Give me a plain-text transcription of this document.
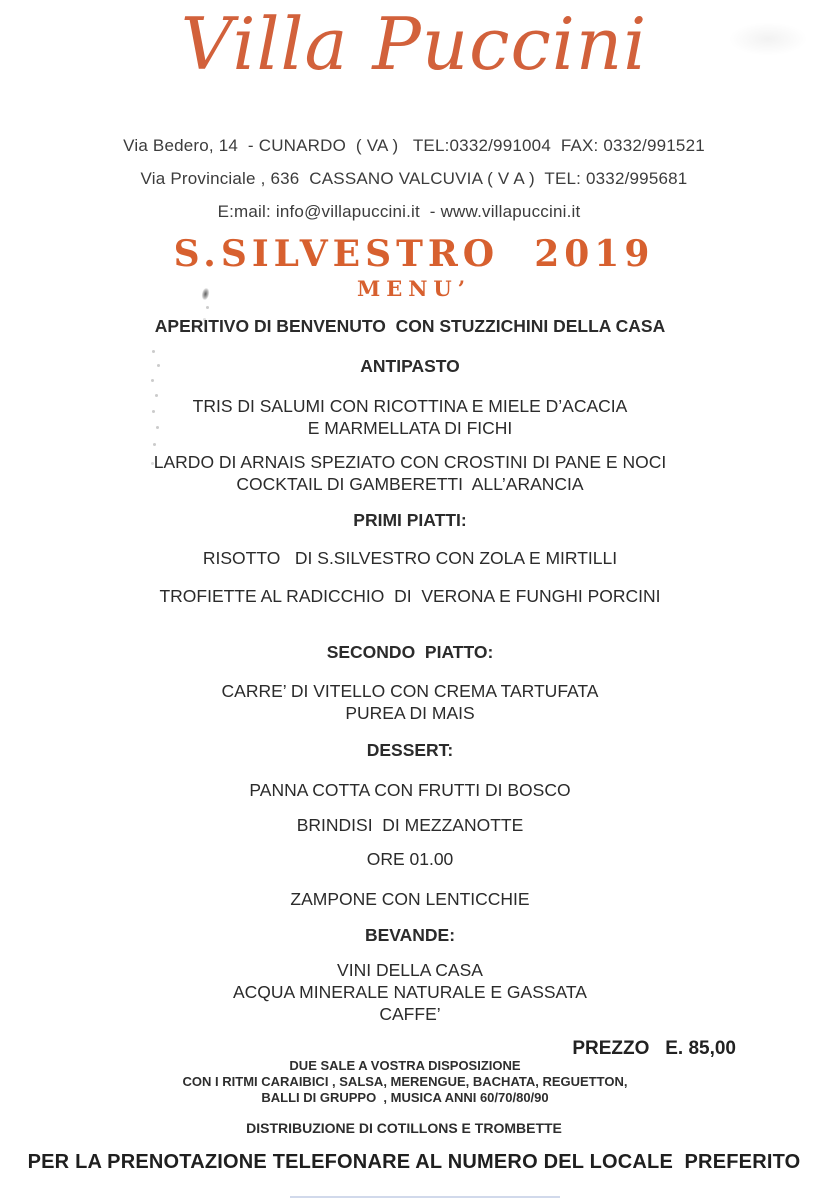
Villa Puccini
Via Bedero, 14  - CUNARDO  ( VA )   TEL:0332/991004  FAX: 0332/991521
Via Provinciale , 636  CASSANO VALCUVIA ( V A )  TEL: 0332/995681
E:mail: info@villapuccini.it  - www.villapuccini.it
S.SILVESTRO  2019
MENU’
APERITIVO DI BENVENUTO  CON STUZZICHINI DELLA CASA
ANTIPASTO
TRIS DI SALUMI CON RICOTTINA E MIELE D’ACACIA
E MARMELLATA DI FICHI
LARDO DI ARNAIS SPEZIATO CON CROSTINI DI PANE E NOCI
COCKTAIL DI GAMBERETTI  ALL’ARANCIA
PRIMI PIATTI:
RISOTTO   DI S.SILVESTRO CON ZOLA E MIRTILLI
TROFIETTE AL RADICCHIO  DI  VERONA E FUNGHI PORCINI
SECONDO  PIATTO:
CARRE’ DI VITELLO CON CREMA TARTUFATA
PUREA DI MAIS
DESSERT:
PANNA COTTA CON FRUTTI DI BOSCO
BRINDISI  DI MEZZANOTTE
ORE 01.00
ZAMPONE CON LENTICCHIE
BEVANDE:
VINI DELLA CASA
ACQUA MINERALE NATURALE E GASSATA
CAFFE’
PREZZO   E. 85,00
DUE SALE A VOSTRA DISPOSIZIONE
CON I RITMI CARAIBICI , SALSA, MERENGUE, BACHATA, REGUETTON,
BALLI DI GRUPPO  , MUSICA ANNI 60/70/80/90
DISTRIBUZIONE DI COTILLONS E TROMBETTE
PER LA PRENOTAZIONE TELEFONARE AL NUMERO DEL LOCALE  PREFERITO
